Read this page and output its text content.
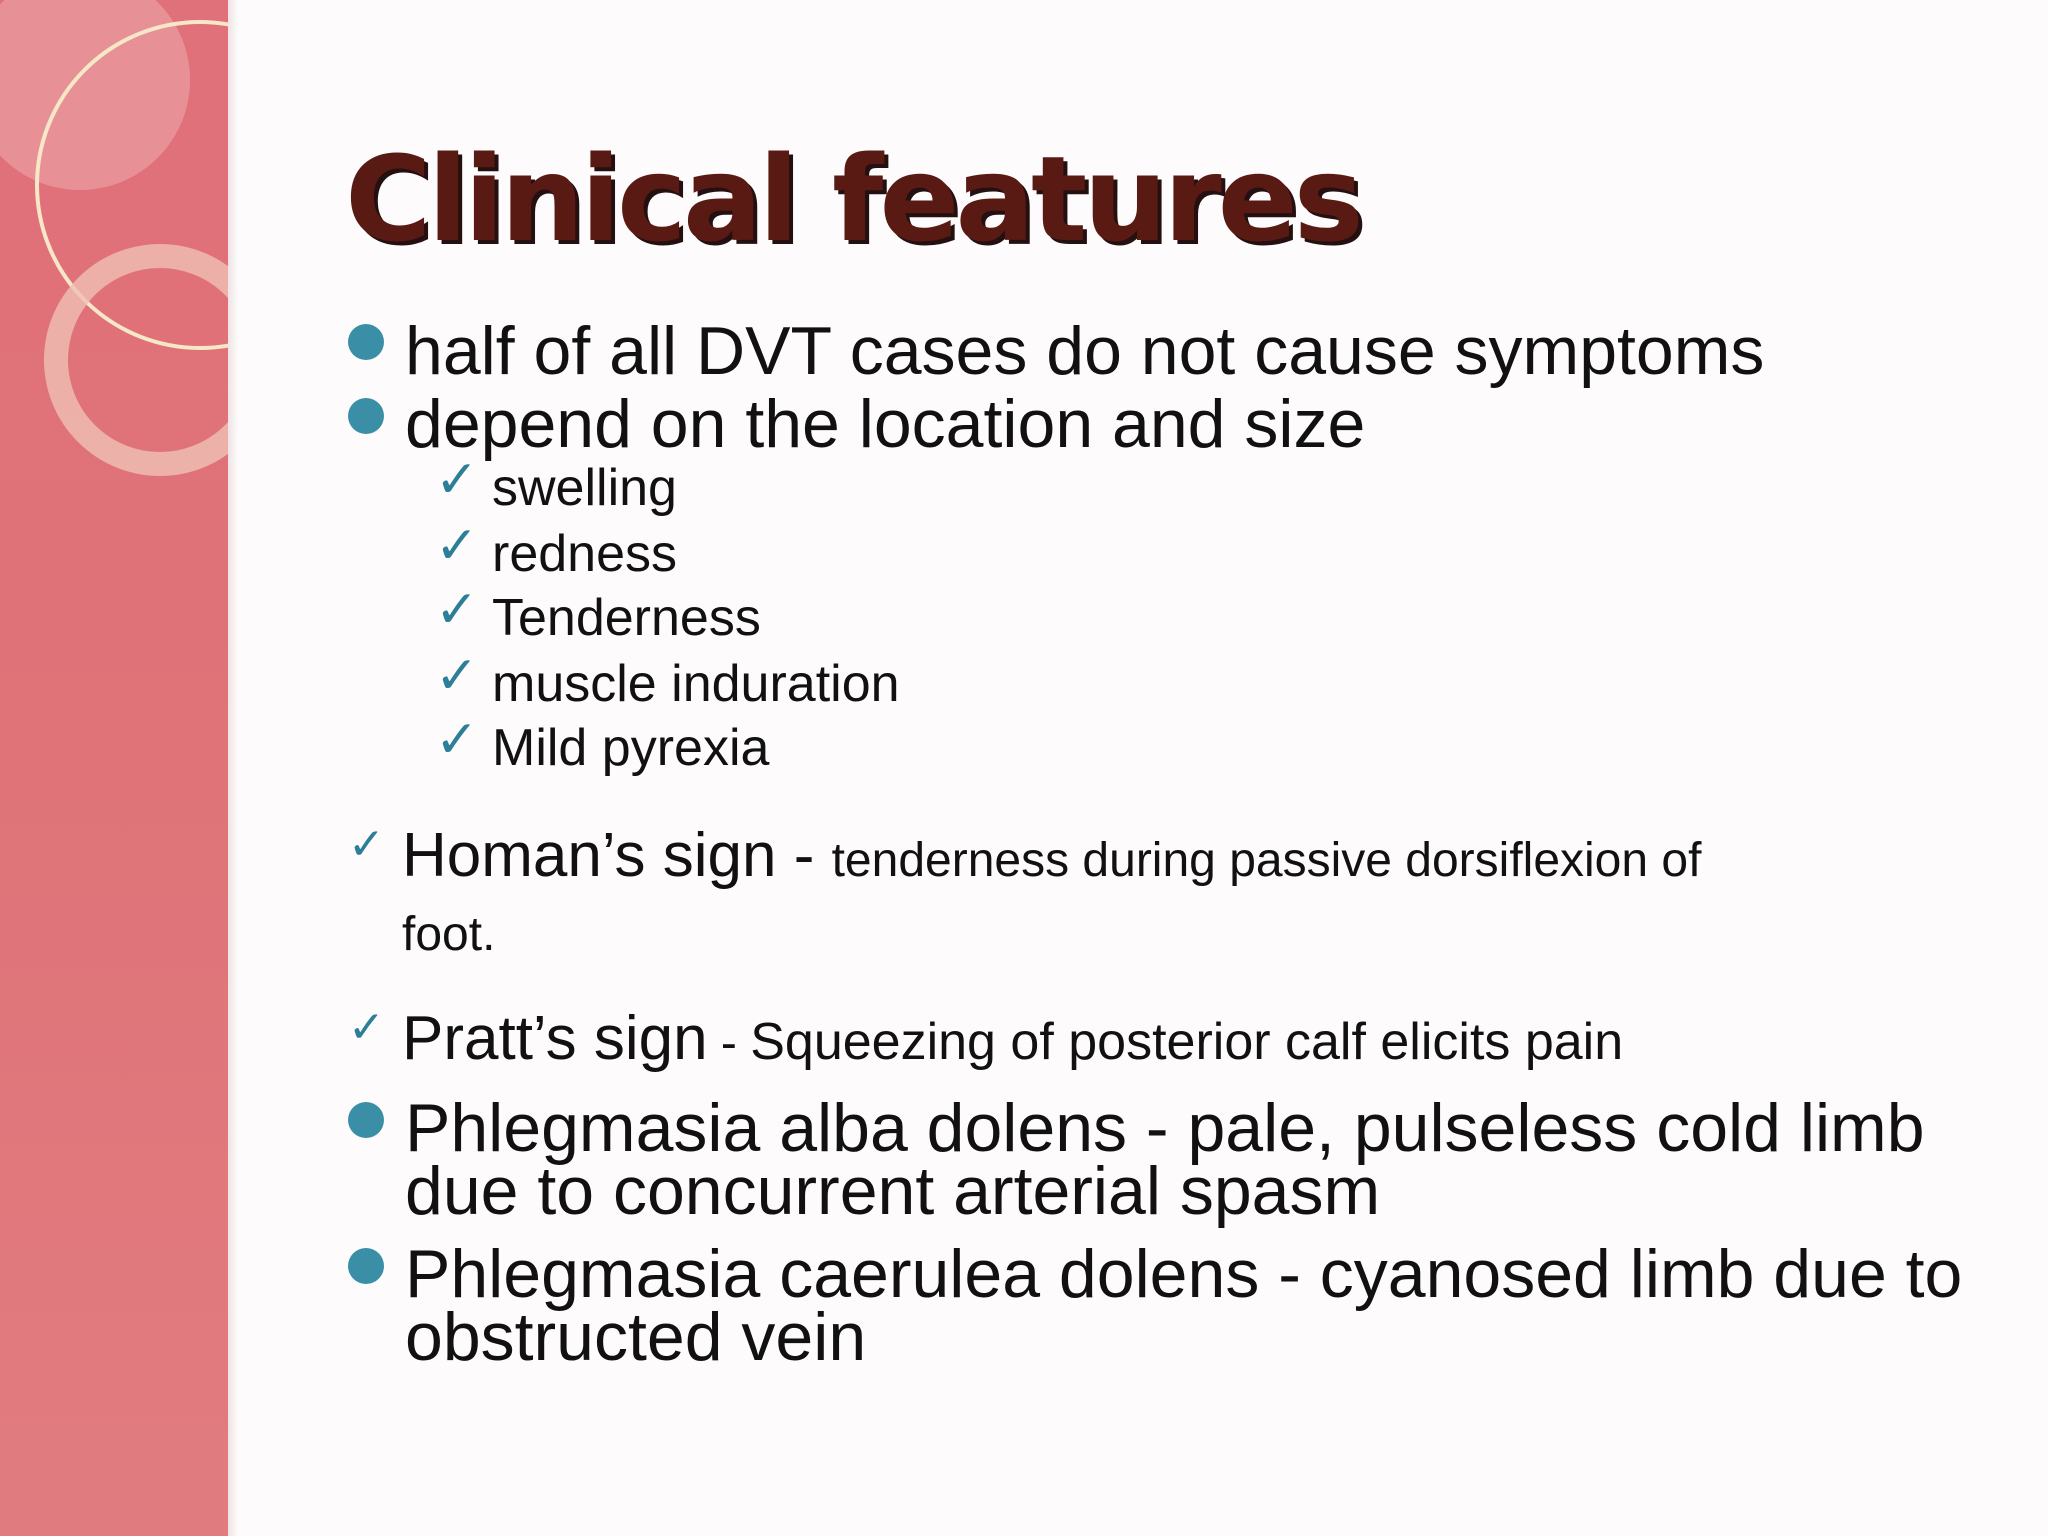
Clinical features
half of all DVT cases do not cause symptoms
depend on the location and size
✓ swelling
✓ redness
✓ Tenderness
✓ muscle induration
✓ Mild pyrexia
✓ Homan’s sign - tenderness during passive dorsiflexion of
foot.
✓ Pratt’s sign - Squeezing of posterior calf elicits pain
Phlegmasia alba dolens - pale, pulseless cold limb
due to concurrent arterial spasm
Phlegmasia caerulea dolens - cyanosed limb due to
obstructed vein
